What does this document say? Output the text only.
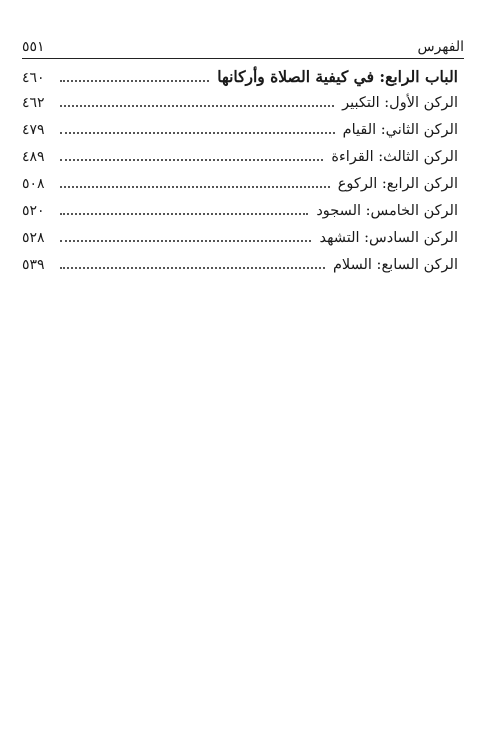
٥٥١	الفهرس
٤٦٠	الباب الرابع: في كيفية الصلاة وأركانها
٤٦٢	الركن الأول: التكبير
٤٧٩	الركن الثاني: القيام
٤٨٩	الركن الثالث: القراءة
٥٠٨	الركن الرابع: الركوع
٥٢٠	الركن الخامس: السجود
٥٢٨	الركن السادس: التشهد
٥٣٩	الركن السابع: السلام
